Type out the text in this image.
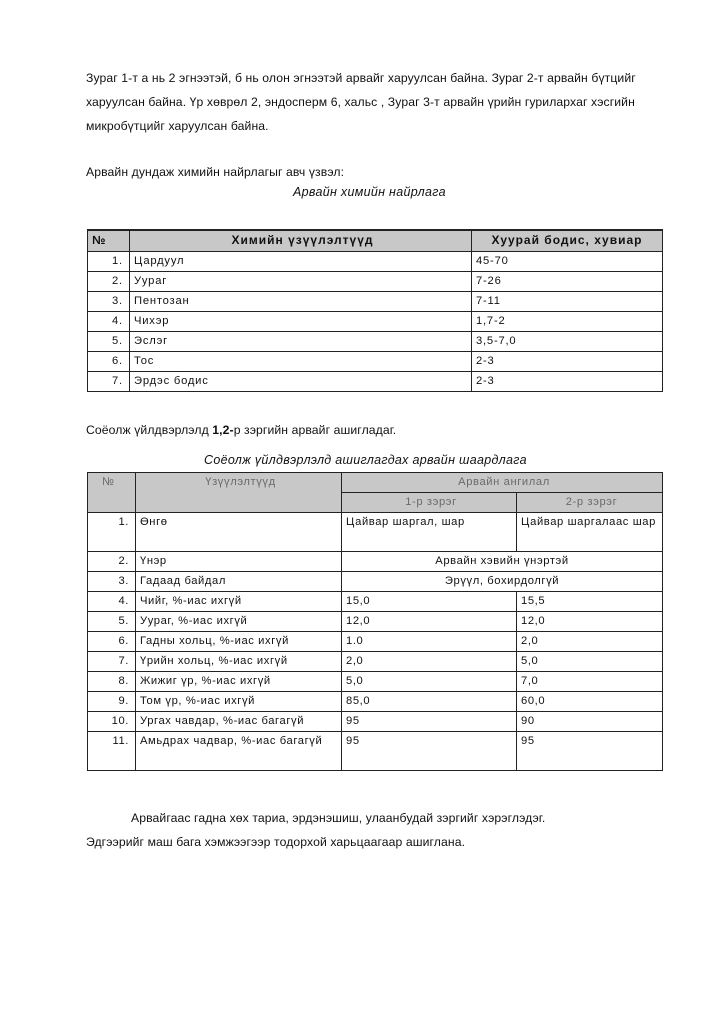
Зураг 1-т а нь 2 эгнээтэй, б нь олон эгнээтэй арвайг харуулсан байна. Зураг 2-т арвайн бүтцийг харуулсан байна. Үр хөврөл 2, эндосперм 6, хальс , Зураг 3-т арвайн үрийн гурилархаг хэсгийн микробүтцийг харуулсан байна.
Арвайн дундаж химийн найрлагыг авч үзвэл:
Арвайн химийн найрлага
№	Химийн үзүүлэлтүүд	Хуурай бодис, хувиар
1.	Цардуул	45-70
2.	Уураг	7-26
3.	Пентозан	7-11
4.	Чихэр	1,7-2
5.	Эслэг	3,5-7,0
6.	Тос	2-3
7.	Эрдэс бодис	2-3
Соёолж үйлдвэрлэлд 1,2-р зэргийн арвайг ашигладаг.
Соёолж үйлдвэрлэлд ашиглагдах арвайн шаардлага
№	Үзүүлэлтүүд	Арвайн ангилал	
		1-р зэрэг	2-р зэрэг
1.	Өнгө	Цайвар шаргал, шар	Цайвар шаргалаас шар
2.	Үнэр	Арвайн хэвийн үнэртэй	
3.	Гадаад байдал	Эрүүл, бохирдолгүй	
4.	Чийг, %-иас ихгүй	15,0	15,5
5.	Уураг, %-иас ихгүй	12,0	12,0
6.	Гадны хольц, %-иас ихгүй	1.0	2,0
7.	Үрийн хольц, %-иас ихгүй	2,0	5,0
8.	Жижиг үр, %-иас ихгүй	5,0	7,0
9.	Том үр, %-иас ихгүй	85,0	60,0
10.	Ургах чавдар, %-иас багагүй	95	90
11.	Амьдрах чадвар, %-иас багагүй	95	95
Арвайгаас гадна хөх тариа, эрдэнэшиш, улаанбудай зэргийг хэрэглэдэг.
Эдгээрийг маш бага хэмжээгээр тодорхой харьцаагаар ашиглана.
